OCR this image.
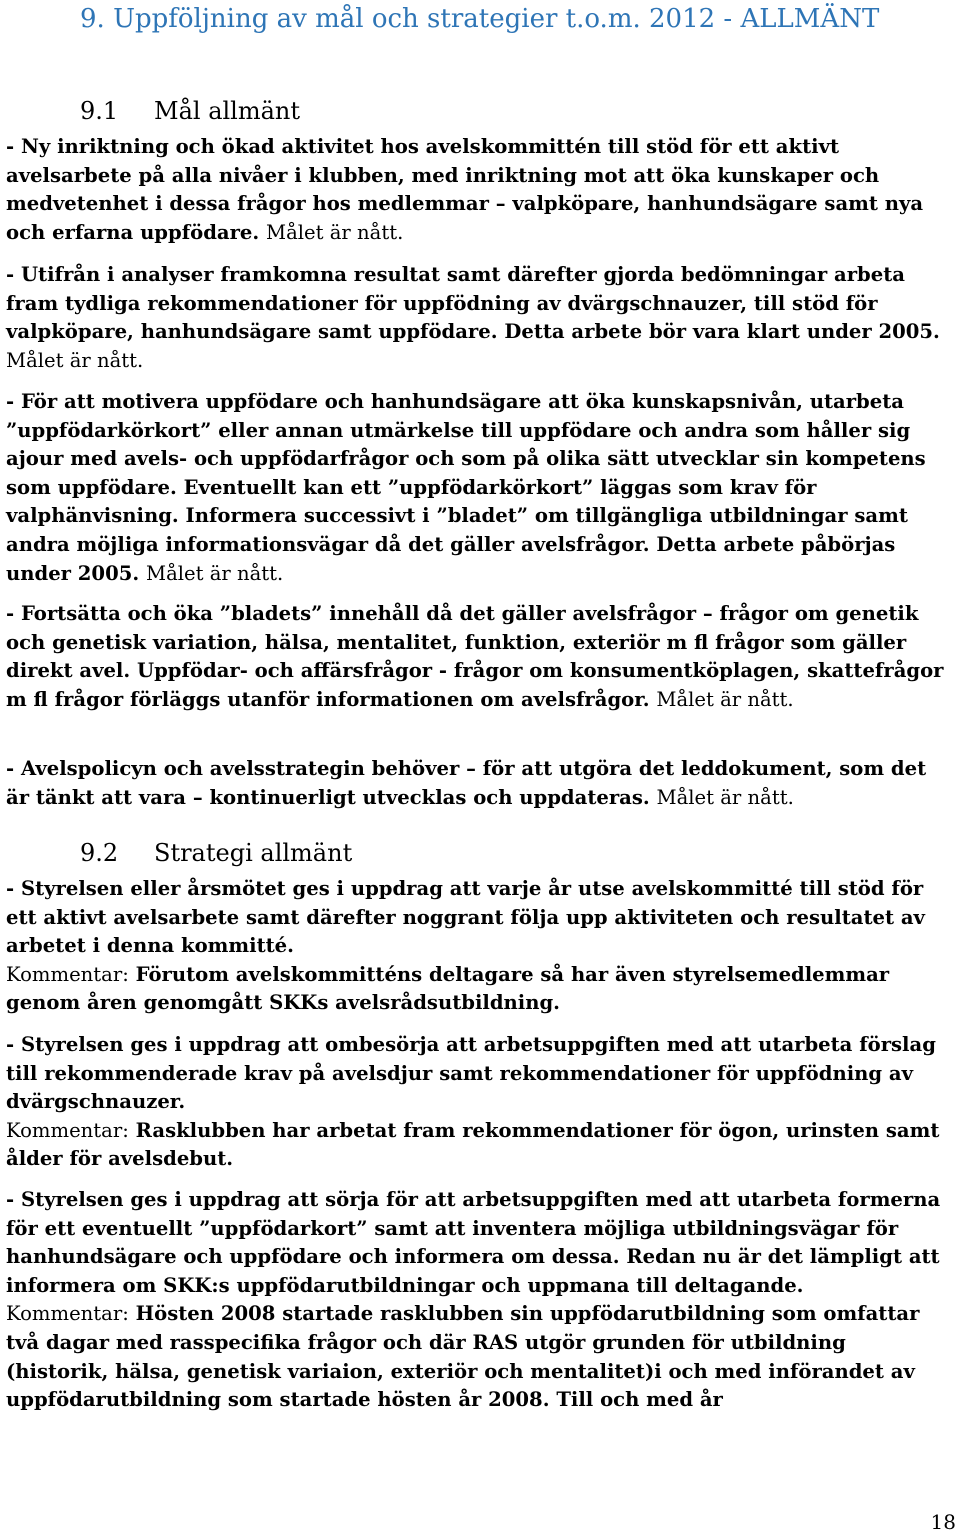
9. Uppföljning av mål och strategier t.o.m. 2012 - ALLMÄNT
9.1 Mål allmänt
- Ny inriktning och ökad aktivitet hos avelskommittén till stöd för ett aktivt avelsarbete på alla nivåer i klubben, med inriktning mot att öka kunskaper och medvetenhet i dessa frågor hos medlemmar – valpköpare, hanhundsägare samt nya och erfarna uppfödare. Målet är nått.
- Utifrån i analyser framkomna resultat samt därefter gjorda bedömningar arbeta fram tydliga rekommendationer för uppfödning av dvärgschnauzer, till stöd för valpköpare, hanhundsägare samt uppfödare. Detta arbete bör vara klart under 2005. Målet är nått.
- För att motivera uppfödare och hanhundsägare att öka kunskapsnivån, utarbeta ”uppfödarkörkort” eller annan utmärkelse till uppfödare och andra som håller sig ajour med avels- och uppfödarfrågor och som på olika sätt utvecklar sin kompetens som uppfödare. Eventuellt kan ett ”uppfödarkörkort” läggas som krav för valphänvisning. Informera successivt i ”bladet” om tillgängliga utbildningar samt andra möjliga informationsvägar då det gäller avelsfrågor. Detta arbete påbörjas under 2005. Målet är nått.
- Fortsätta och öka ”bladets” innehåll då det gäller avelsfrågor – frågor om genetik och genetisk variation, hälsa, mentalitet, funktion, exteriör m fl frågor som gäller direkt avel. Uppfödar- och affärsfrågor - frågor om konsumentköplagen, skattefrågor m fl frågor förläggs utanför informationen om avelsfrågor. Målet är nått.
- Avelspolicyn och avelsstrategin behöver – för att utgöra det leddokument, som det är tänkt att vara – kontinuerligt utvecklas och uppdateras. Målet är nått.
9.2 Strategi allmänt
- Styrelsen eller årsmötet ges i uppdrag att varje år utse avelskommitté till stöd för ett aktivt avelsarbete samt därefter noggrant följa upp aktiviteten och resultatet av arbetet i denna kommitté.
Kommentar: Förutom avelskommitténs deltagare så har även styrelsemedlemmar genom åren genomgått SKKs avelsrådsutbildning.
- Styrelsen ges i uppdrag att ombesörja att arbetsuppgiften med att utarbeta förslag till rekommenderade krav på avelsdjur samt rekommendationer för uppfödning av dvärgschnauzer.
Kommentar: Rasklubben har arbetat fram rekommendationer för ögon, urinsten samt ålder för avelsdebut.
- Styrelsen ges i uppdrag att sörja för att arbetsuppgiften med att utarbeta formerna för ett eventuellt ”uppfödarkort” samt att inventera möjliga utbildningsvägar för hanhundsägare och uppfödare och informera om dessa. Redan nu är det lämpligt att informera om SKK:s uppfödarutbildningar och uppmana till deltagande.
Kommentar: Hösten 2008 startade rasklubben sin uppfödarutbildning som omfattar två dagar med rasspecifika frågor och där RAS utgör grunden för utbildning (historik, hälsa, genetisk variaion, exteriör och mentalitet)i och med införandet av uppfödarutbildning som startade hösten år 2008. Till och med år
18
